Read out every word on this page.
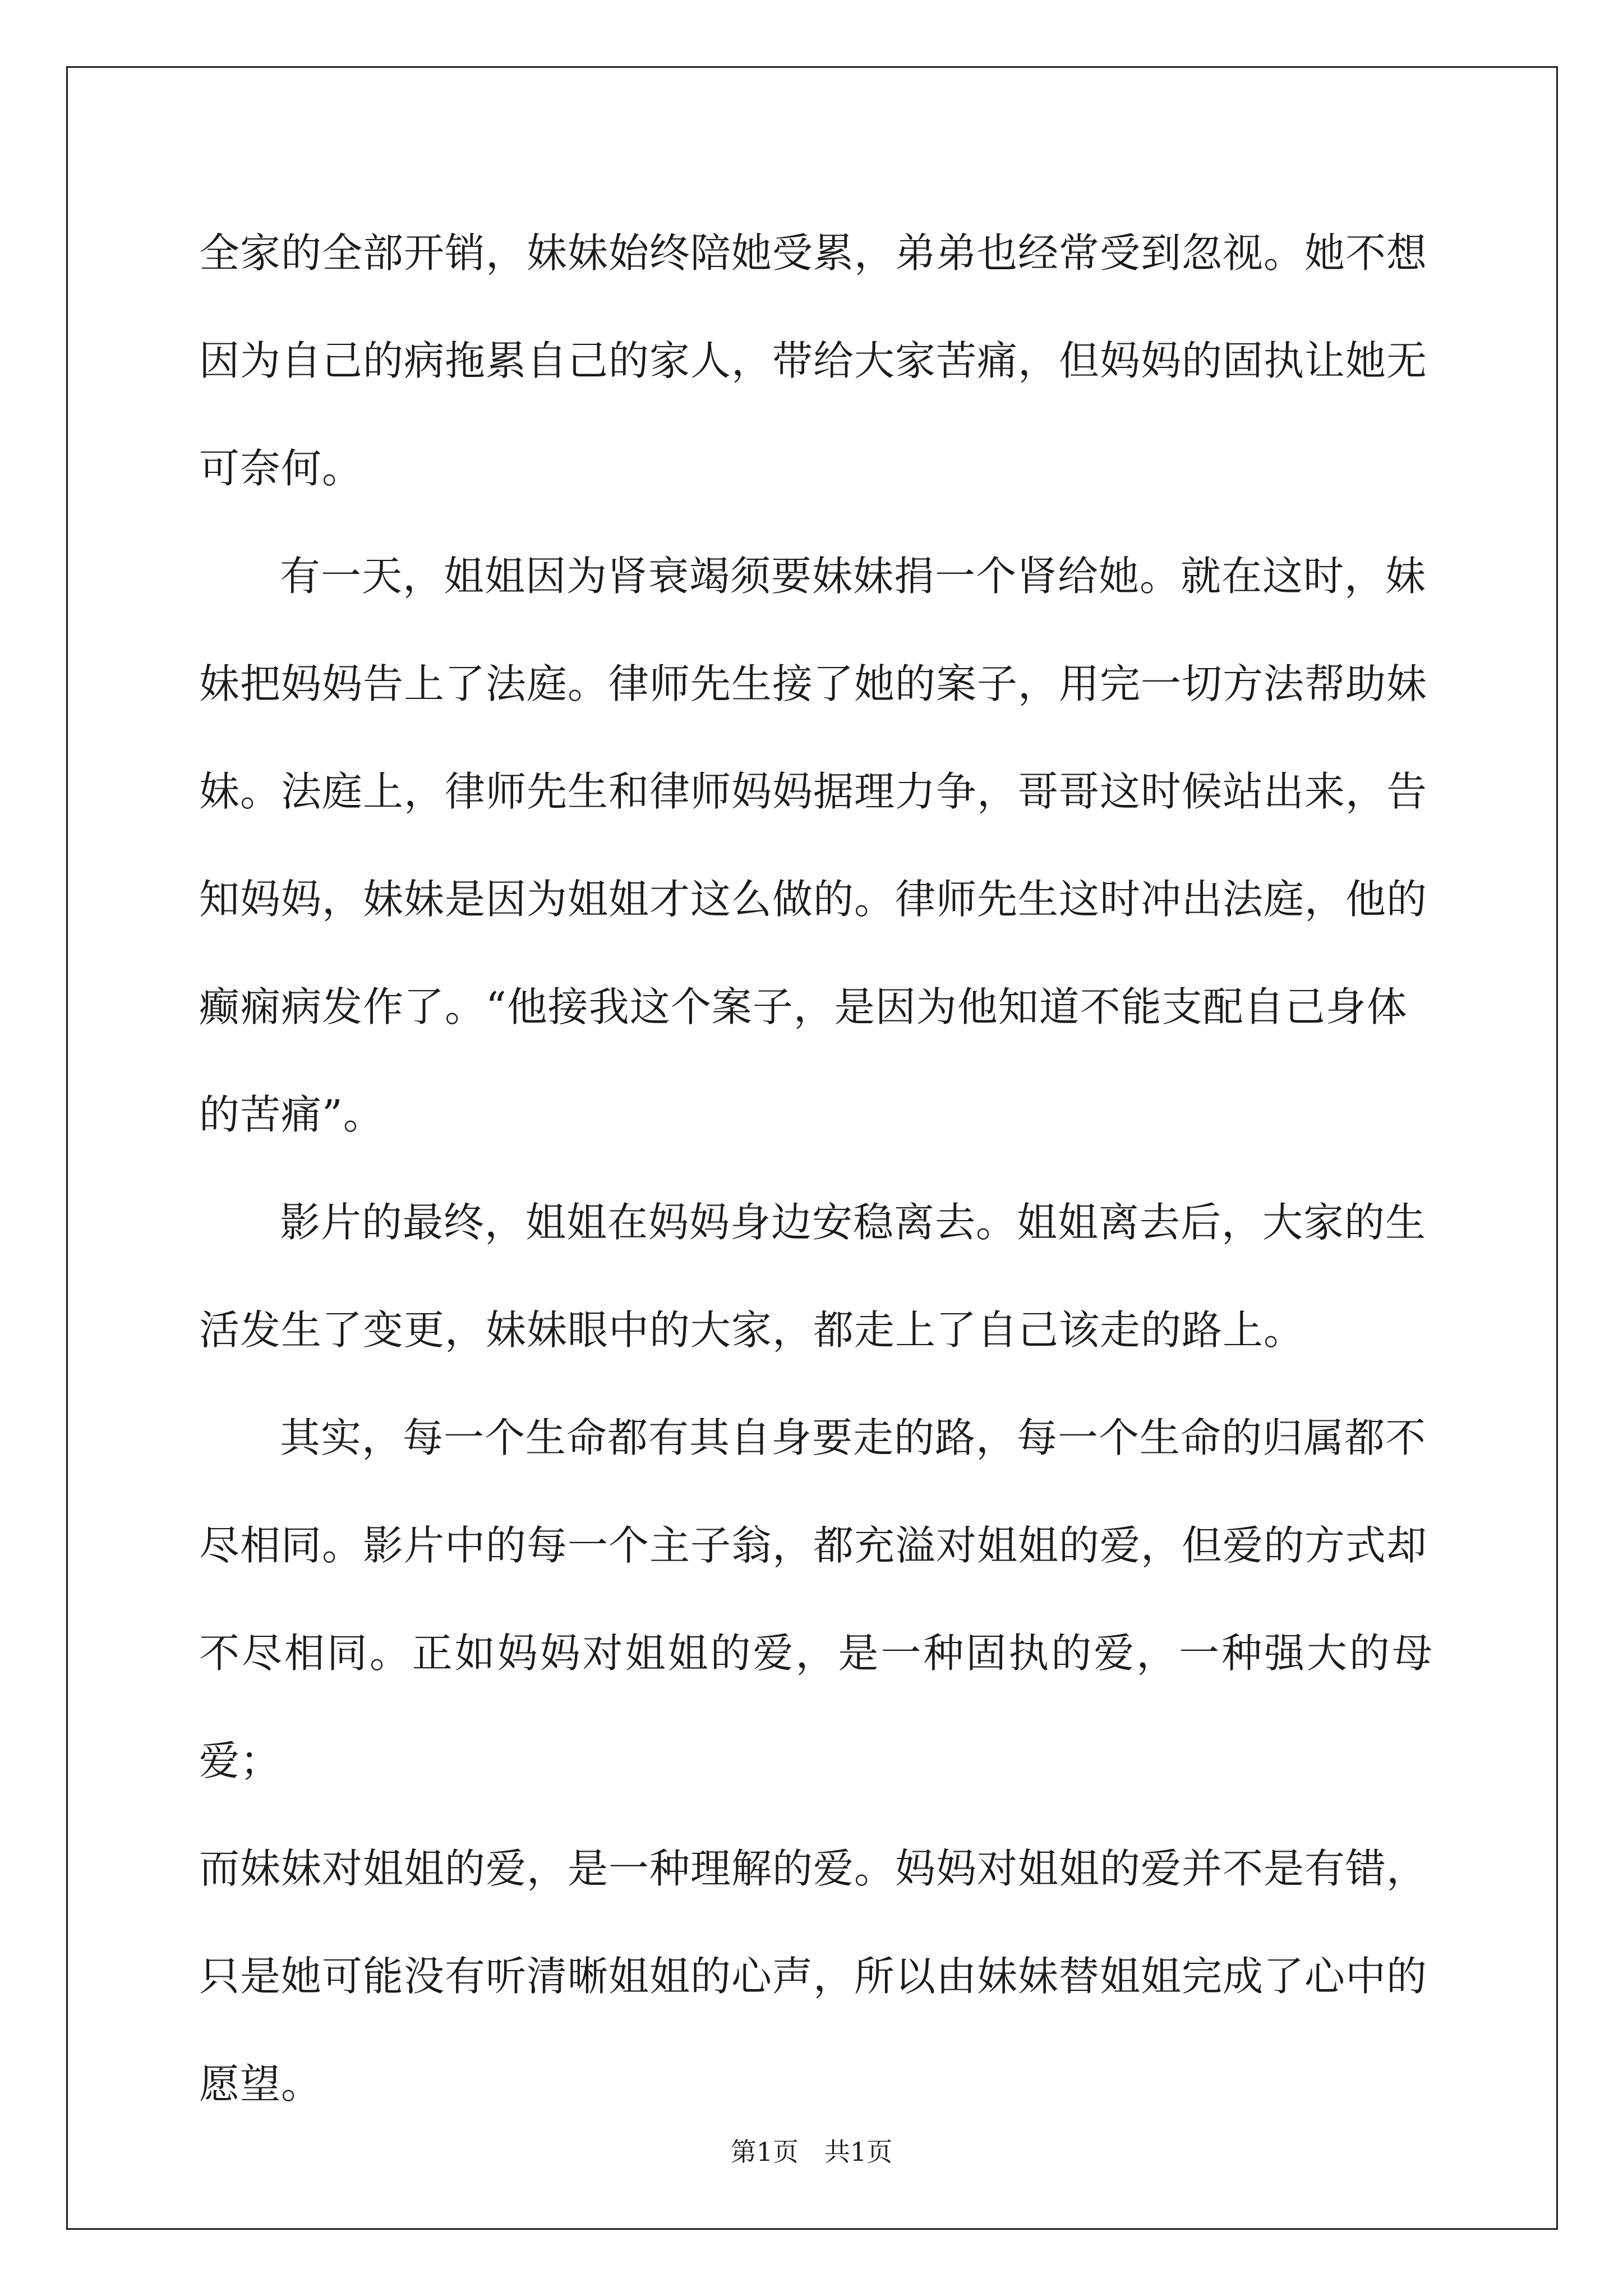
全家的全部开销，妹妹始终陪她受累，弟弟也经常受到忽视。她不想
因为自己的病拖累自己的家人，带给大家苦痛，但妈妈的固执让她无
可奈何。

有一天，姐姐因为肾衰竭须要妹妹捐一个肾给她。就在这时，妹
妹把妈妈告上了法庭。律师先生接了她的案子，用完一切方法帮助妹
妹。法庭上，律师先生和律师妈妈据理力争，哥哥这时候站出来，告
知妈妈，妹妹是因为姐姐才这么做的。律师先生这时冲出法庭，他的
癫痫病发作了。“他接我这个案子，是因为他知道不能支配自己身体
的苦痛”。

影片的最终，姐姐在妈妈身边安稳离去。姐姐离去后，大家的生
活发生了变更，妹妹眼中的大家，都走上了自己该走的路上。

其实，每一个生命都有其自身要走的路，每一个生命的归属都不
尽相同。影片中的每一个主子翁，都充溢对姐姐的爱，但爱的方式却
不尽相同。正如妈妈对姐姐的爱，是一种固执的爱，一种强大的母爱；
而妹妹对姐姐的爱，是一种理解的爱。妈妈对姐姐的爱并不是有错，
只是她可能没有听清晰姐姐的心声，所以由妹妹替姐姐完成了心中的
愿望。

第1页 共1页
